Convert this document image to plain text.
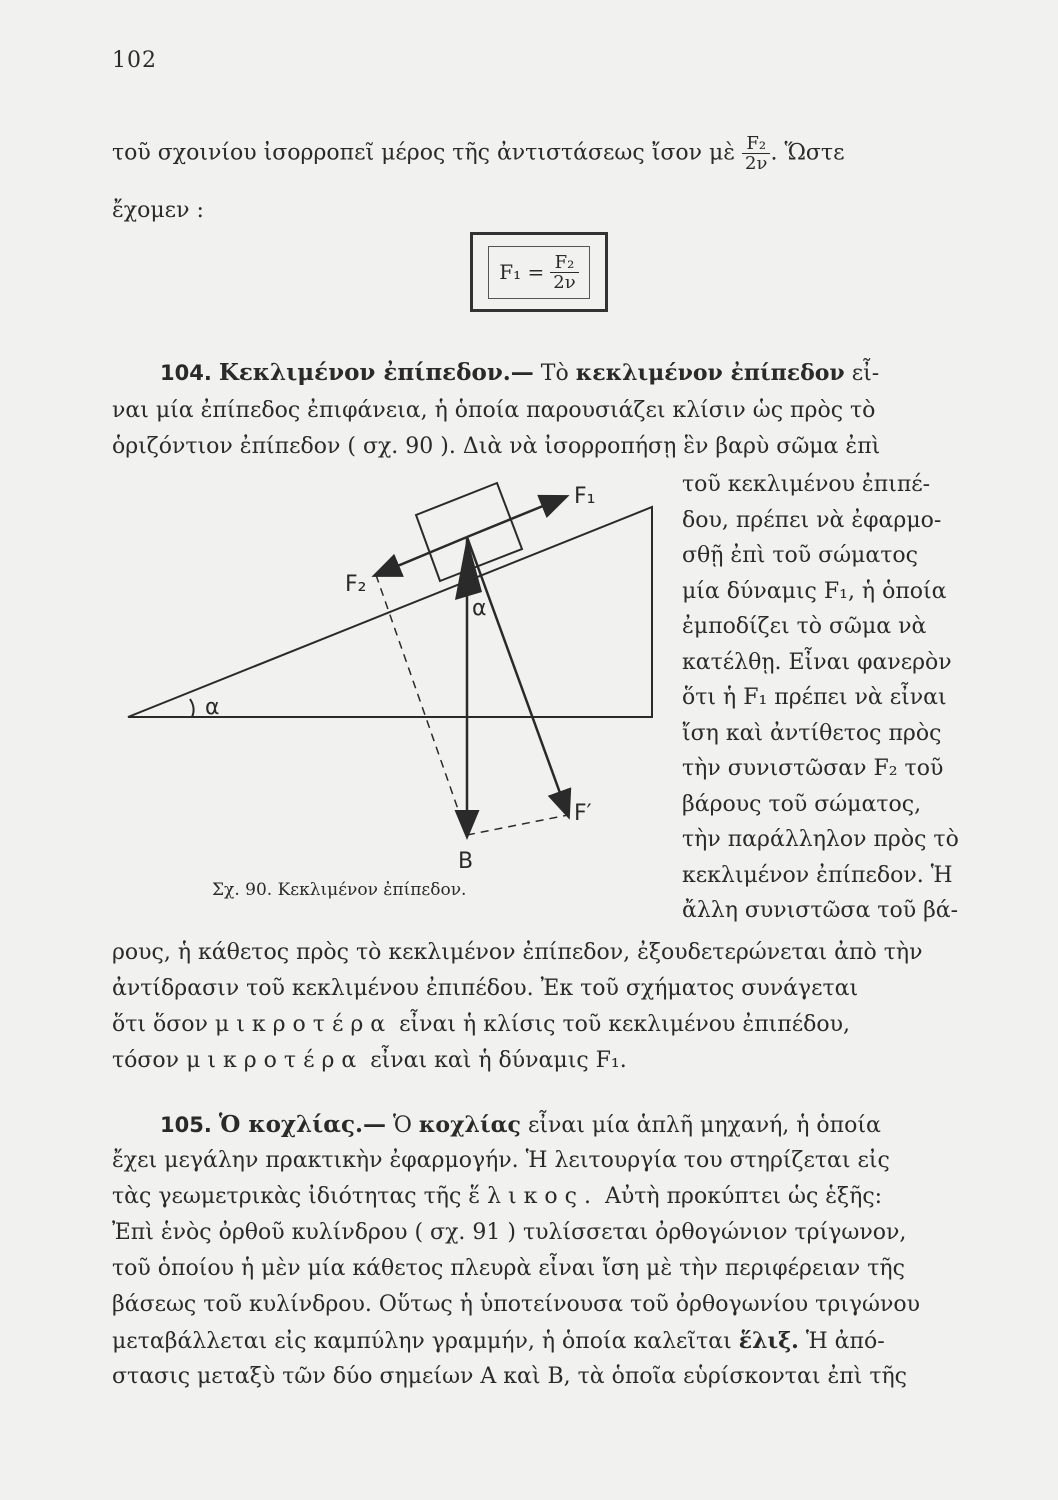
102
τοῦ σχοινίου ἰσορροπεῖ μέρος τῆς ἀντιστάσεως ἴσον μὲ $\frac{\text{F₂}}{2\nu}$ . Ὥστε
ἔχομεν :
$F_1 = \frac{\text{F₂}}{2\nu}$
104. Κεκλιμένον ἐπίπεδον.— Τὸ κεκλιμένον ἐπίπεδον εἶ-
ναι μία ἐπίπεδος ἐπιφάνεια, ἡ ὁποία παρουσιάζει κλίσιν ὡς πρὸς τὸ
ὁριζόντιον ἐπίπεδον ( σχ. 90 ). Διὰ νὰ ἰσορροπήσῃ ἓν βαρὺ σῶμα ἐπὶ
τοῦ κεκλιμένου ἐπιπέ-
δου, πρέπει νὰ ἐφαρμο-
σθῇ ἐπὶ τοῦ σώματος
μία δύναμις F₁, ἡ ὁποία
ἐμποδίζει τὸ σῶμα νὰ
κατέλθῃ. Εἶναι φανερὸν
ὅτι ἡ F₁ πρέπει νὰ εἶναι
ἴση καὶ ἀντίθετος πρὸς
τὴν συνιστῶσαν F₂ τοῦ
βάρους τοῦ σώματος,
τὴν παράλληλον πρὸς τὸ
κεκλιμένον ἐπίπεδον. Ἡ
ἄλλη συνιστῶσα τοῦ βά-
ρους, ἡ κάθετος πρὸς τὸ κεκλιμένον ἐπίπεδον, ἐξουδετερώνεται ἀπὸ τὴν
ἀντίδρασιν τοῦ κεκλιμένου ἐπιπέδου. Ἐκ τοῦ σχήματος συνάγεται
ὅτι ὅσον μικροτέρα εἶναι ἡ κλίσις τοῦ κεκλιμένου ἐπιπέδου,
τόσον μικροτέρα εἶναι καὶ ἡ δύναμις F₁.
F₁
F₂
F′
B
α
α
Σχ. 90. Κεκλιμένον ἐπίπεδον.
105. Ὁ κοχλίας.— Ὁ κοχλίας εἶναι μία ἁπλῆ μηχανή, ἡ ὁποία
ἔχει μεγάλην πρακτικὴν ἐφαρμογήν. Ἡ λειτουργία του στηρίζεται εἰς
τὰς γεωμετρικὰς ἰδιότητας τῆς ἕλικος. Αὐτὴ προκύπτει ὡς ἑξῆς:
Ἐπὶ ἑνὸς ὀρθοῦ κυλίνδρου ( σχ. 91 ) τυλίσσεται ὀρθογώνιον τρίγωνον,
τοῦ ὁποίου ἡ μὲν μία κάθετος πλευρὰ εἶναι ἴση μὲ τὴν περιφέρειαν τῆς
βάσεως τοῦ κυλίνδρου. Οὕτως ἡ ὑποτείνουσα τοῦ ὀρθογωνίου τριγώνου
μεταβάλλεται εἰς καμπύλην γραμμήν, ἡ ὁποία καλεῖται ἕλιξ. Ἡ ἀπό-
στασις μεταξὺ τῶν δύο σημείων A καὶ B, τὰ ὁποῖα εὑρίσκονται ἐπὶ τῆς
